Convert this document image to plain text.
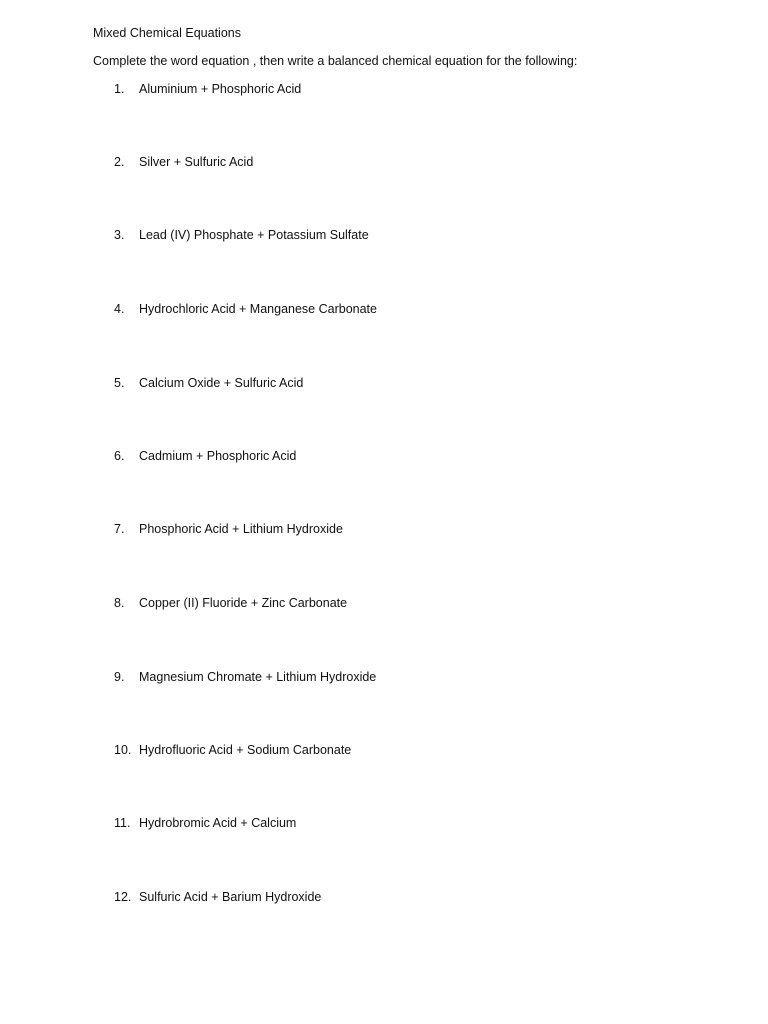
Mixed Chemical Equations

Complete the word equation , then write a balanced chemical equation for the following:

1. Aluminium + Phosphoric Acid
2. Silver + Sulfuric Acid
3. Lead (IV) Phosphate + Potassium Sulfate
4. Hydrochloric Acid + Manganese Carbonate
5. Calcium Oxide + Sulfuric Acid
6. Cadmium + Phosphoric Acid
7. Phosphoric Acid + Lithium Hydroxide
8. Copper (II) Fluoride + Zinc Carbonate
9. Magnesium Chromate + Lithium Hydroxide
10. Hydrofluoric Acid + Sodium Carbonate
11. Hydrobromic Acid + Calcium
12. Sulfuric Acid + Barium Hydroxide
